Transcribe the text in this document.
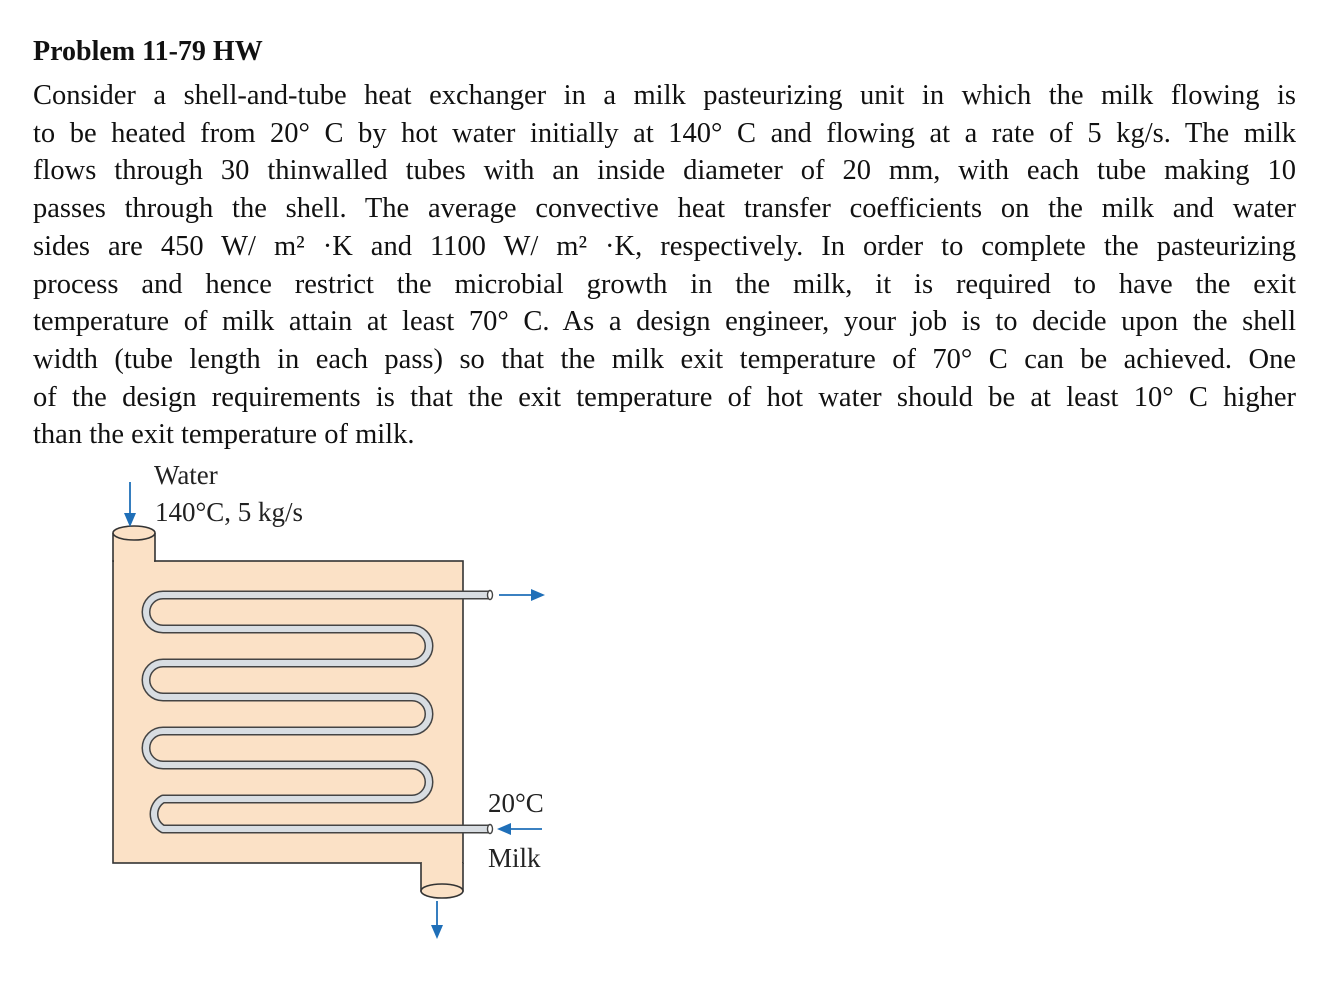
Problem 11-79 HW
Consider a shell-and-tube heat exchanger in a milk pasteurizing unit in which the milk flowing is
to be heated from 20° C by hot water initially at 140° C and flowing at a rate of 5 kg/s. The milk
flows through 30 thinwalled tubes with an inside diameter of 20 mm, with each tube making 10
passes through the shell. The average convective heat transfer coefficients on the milk and water
sides are 450 W/ m² ·K and 1100 W/ m² ·K, respectively. In order to complete the pasteurizing
process and hence restrict the microbial growth in the milk, it is required to have the exit
temperature of milk attain at least 70° C. As a design engineer, your job is to decide upon the shell
width (tube length in each pass) so that the milk exit temperature of 70° C can be achieved. One
of the design requirements is that the exit temperature of hot water should be at least 10° C higher
than the exit temperature of milk.
Water
140°C, 5 kg/s
20°C
Milk
